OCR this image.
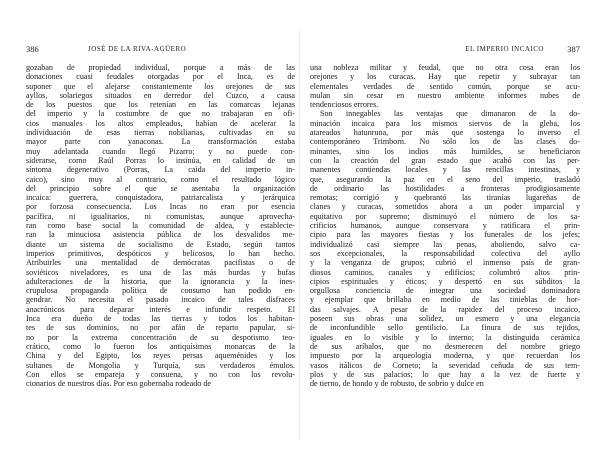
386	JOSÉ DE LA RIVA-AGÜERO
gozaban de propiedad individual, porque a más de las
donaciones cuasi feudales otorgadas por el Inca, es de
suponer que el alejarse constantemente los orejones de sus
ayllos, solariegos situados en derredor del Cuzco, a causa
de los puestos que los retenían en las comarcas lejanas
del imperio y la costumbre de que no trabajaran en ofi-
cios manuales los altos empleados, habían de acelerar la
individuación de esas tierras nobiliarias, cultivadas en su
mayor parte con yanaconas. La transformación estaba
muy adelantada cuando llegó Pizarro; y no puede con-
siderarse, como Raúl Porras lo insinúa, en calidad de un
síntoma degenerativo (Porras, La caída del imperio in-
caico), sino muy al contrario, como el resultado lógico
del principio sobre el que se asentaba la organización
incaica: guerrera, conquistadora, patriarcalista y jerárquica
por forzosa consecuencia. Los Incas no eran por esencia
pacífica, ni igualitarios, ni comunistas, aunque aprovecha-
ran como base social la comunidad de aldea, y establecie-
ran la minuciosa asistencia pública de los desvalidos me-
diante un sistema de socialismo de Estado, según tantos
imperios primitivos, despóticos y belicosos, lo han hecho.
Atribuirles una mentalidad de demócratas pacifistas o de
soviéticos niveladores, es una de las más burdas y bufas
adulteraciones de la historia, que la ignorancia y la ines-
crupulosa propaganda política de consumo han podido en-
gendrar. No necesita el pasado incaico de tales disfraces
anacrónicos para deparar interés e infundir respeto. El
Inca era dueño de todas las tierras y todos los habitan-
tes de sus dominios, no por afán de reparto papular, si-
no por la extrema concentración de su despotismo teo-
crático, como lo fueron los antiquísimos monarcas de la
China y del Egipto, los reyes persas aqueménides y los
sultanes de Mongolia y Turquía, sus verdaderos émulos.
Con ellos se empareja y consuena, y no con los revolu-
cionarios de nuestros días. Por eso gobernaba rodeado de
EL IMPERIO INCAICO	387
una nobleza militar y feudal, que no otra cosa eran los
orejones y los curacas. Hay que repetir y subrayar tan
elementales verdades de sentido común, porque se acu-
mulan sin cesar en nuestro ambiente informes nubes de
tendenciosos errores.
Son innegables las ventajas que dimanaron de la do-
minación incaica para los mismos siervos de la gleba, los
atareados hatunruna, por más que sostenga lo inverso el
contemporáneo Trimborn. No sólo los de las clases do-
minantes, sino los indios más humildes, se beneficiaron
con la creación del gran estado que acabó con las per-
manentes contiendas locales y las rencillas intestinas, y
que, asegurando la paz en el seno del imperio, trasladó
de ordinario las hostilidades a fronteras prodigiosamente
remotas; corrigió y quebrantó las tiranías lugareñas de
clanes y curacas, sometidos ahora a un poder imparcial y
equitativo por supremo; disminuyó el número de los sa-
crificios humanos, aunque conservara y ratificara el prin-
cipio para las mayores fiestas y los funerales de los jefes;
individualizó casi siempre las penas, aboliendo, salvo ca-
sos excepcionales, la responsabilidad colectiva del ayllo
y la venganza de grupos; cubrió el inmenso país de gran-
diosos caminos, canales y edificios; columbró altos prin-
cipios espirituales y éticos; y despertó en sus súbditos la
orgullosa conciencia de integrar una sociedad dominadora
y ejemplar que brillaba en medio de las tinieblas de hor-
das salvajes. A pesar de la rapidez del proceso incaico,
poseen sus obras una solidez, un esmero y una elegancia
de inconfundible sello gentilicio. La finura de sus tejidos,
iguales en lo visible y lo interno; la distinguida cerámica
de sus aríbalos, que no desmerecen del nombre griego
impuesto por la arqueología moderna, y que recuerdan los
vasos itálicos de Corneto; la severidad ceñuda de sus tem-
plos y de sus palacios; lo que hay a la vez de fuerte y
de tierno, de hondo y de robusto, de sobrio y dulce en
